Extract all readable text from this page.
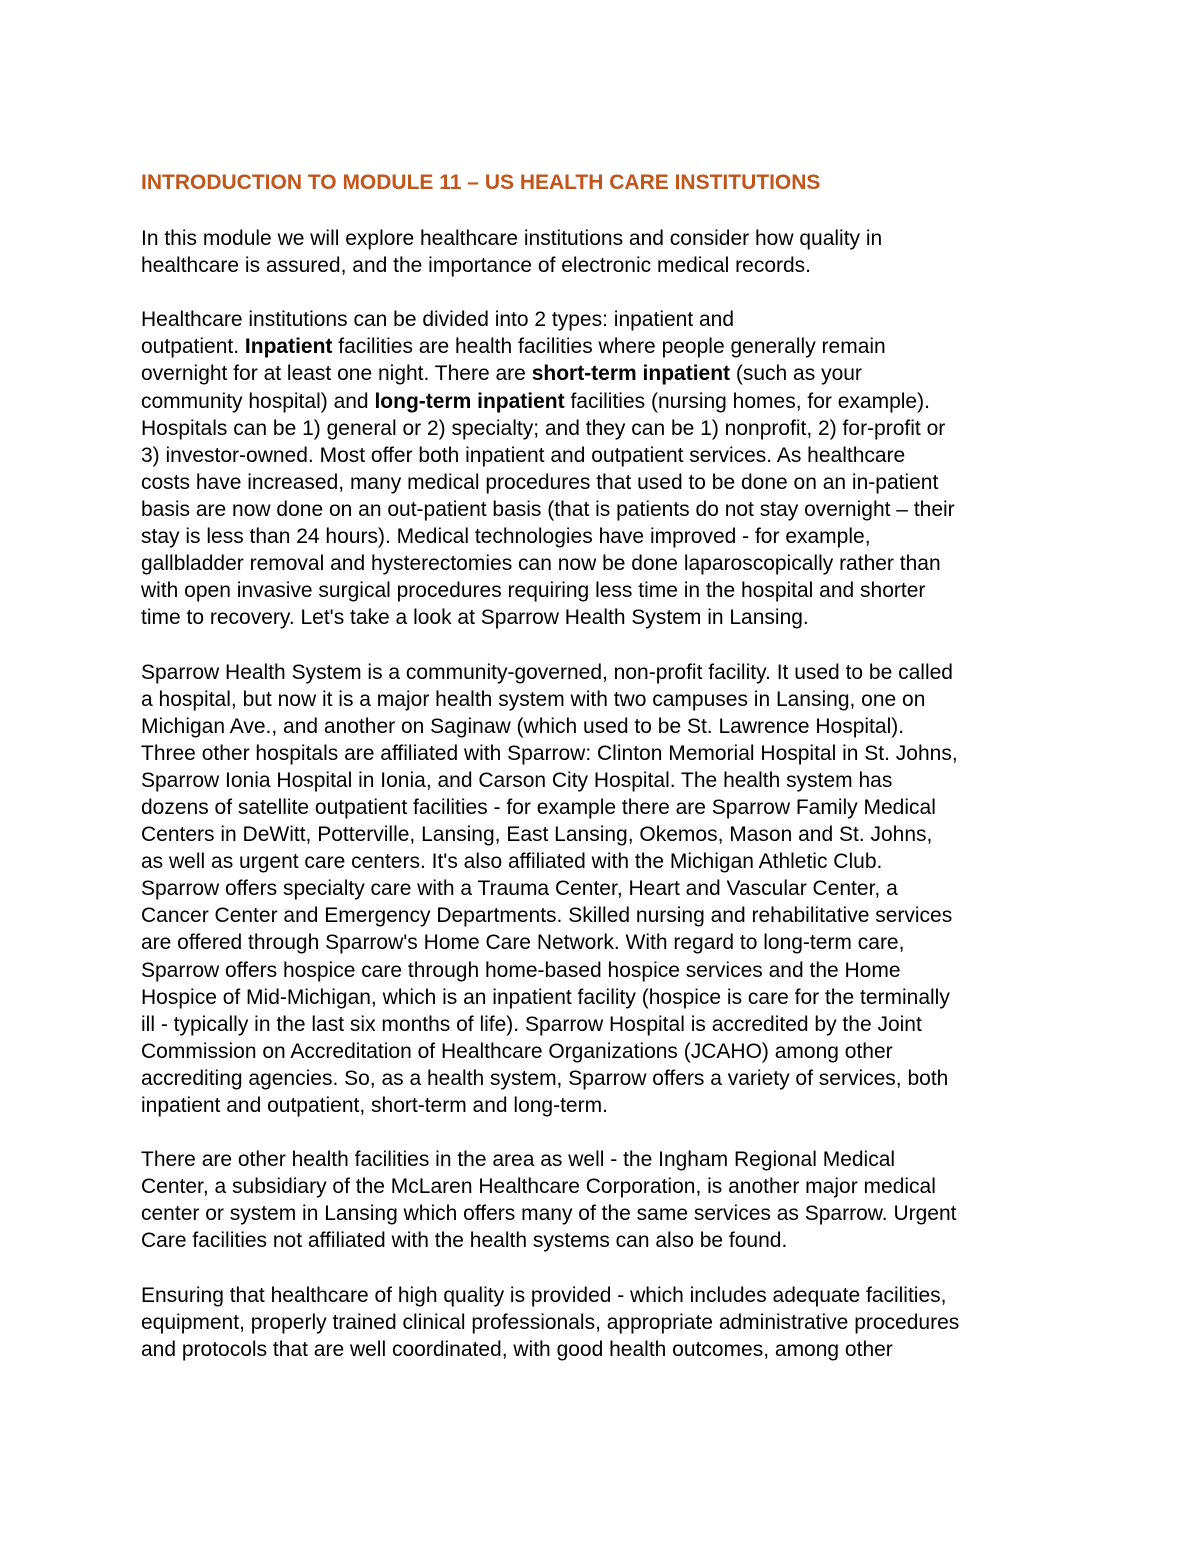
INTRODUCTION TO MODULE 11 – US HEALTH CARE INSTITUTIONS
In this module we will explore healthcare institutions and consider how quality in
healthcare is assured, and the importance of electronic medical records.
Healthcare institutions can be divided into 2 types: inpatient and
outpatient. Inpatient facilities are health facilities where people generally remain
overnight for at least one night. There are short-term inpatient (such as your
community hospital) and long-term inpatient facilities (nursing homes, for example).
Hospitals can be 1) general or 2) specialty; and they can be 1) nonprofit, 2) for-profit or
3) investor-owned. Most offer both inpatient and outpatient services. As healthcare
costs have increased, many medical procedures that used to be done on an in-patient
basis are now done on an out-patient basis (that is patients do not stay overnight – their
stay is less than 24 hours). Medical technologies have improved - for example,
gallbladder removal and hysterectomies can now be done laparoscopically rather than
with open invasive surgical procedures requiring less time in the hospital and shorter
time to recovery. Let's take a look at Sparrow Health System in Lansing.
Sparrow Health System is a community-governed, non-profit facility. It used to be called
a hospital, but now it is a major health system with two campuses in Lansing, one on
Michigan Ave., and another on Saginaw (which used to be St. Lawrence Hospital).
Three other hospitals are affiliated with Sparrow: Clinton Memorial Hospital in St. Johns,
Sparrow Ionia Hospital in Ionia, and Carson City Hospital. The health system has
dozens of satellite outpatient facilities - for example there are Sparrow Family Medical
Centers in DeWitt, Potterville, Lansing, East Lansing, Okemos, Mason and St. Johns,
as well as urgent care centers. It's also affiliated with the Michigan Athletic Club.
Sparrow offers specialty care with a Trauma Center, Heart and Vascular Center, a
Cancer Center and Emergency Departments. Skilled nursing and rehabilitative services
are offered through Sparrow's Home Care Network. With regard to long-term care,
Sparrow offers hospice care through home-based hospice services and the Home
Hospice of Mid-Michigan, which is an inpatient facility (hospice is care for the terminally
ill - typically in the last six months of life). Sparrow Hospital is accredited by the Joint
Commission on Accreditation of Healthcare Organizations (JCAHO) among other
accrediting agencies. So, as a health system, Sparrow offers a variety of services, both
inpatient and outpatient, short-term and long-term.
There are other health facilities in the area as well - the Ingham Regional Medical
Center, a subsidiary of the McLaren Healthcare Corporation, is another major medical
center or system in Lansing which offers many of the same services as Sparrow. Urgent
Care facilities not affiliated with the health systems can also be found.
Ensuring that healthcare of high quality is provided - which includes adequate facilities,
equipment, properly trained clinical professionals, appropriate administrative procedures
and protocols that are well coordinated, with good health outcomes, among other
